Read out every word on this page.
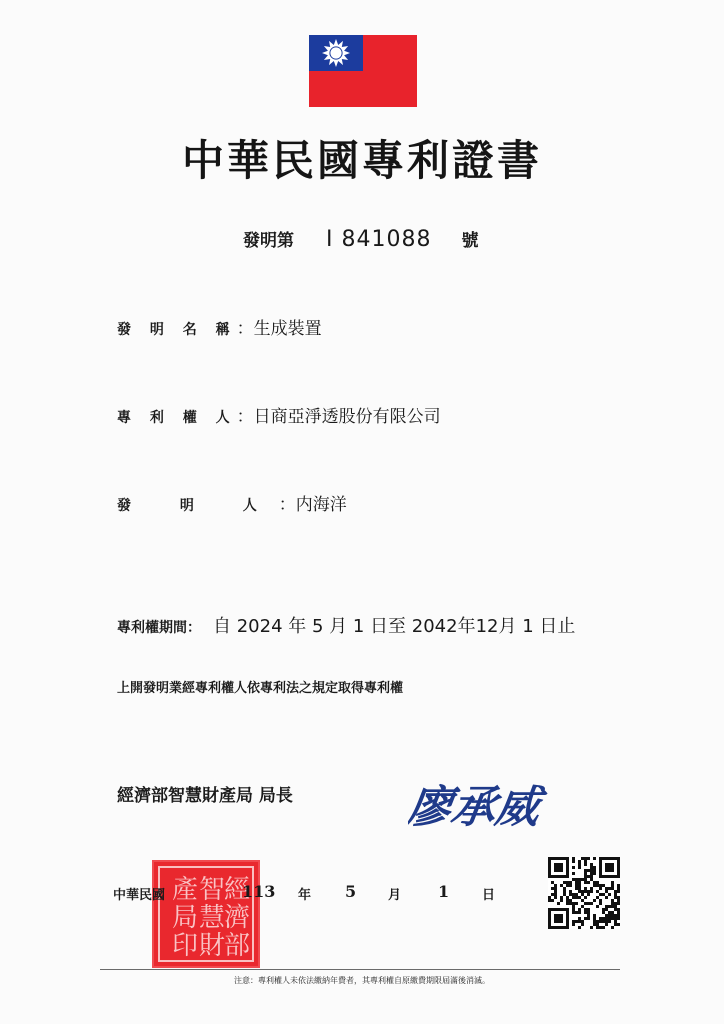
中華民國專利證書
發明第 I 841088 號
發 明 名 稱：生成裝置
專 利 權 人：日商亞淨透股份有限公司
發 明 人：内海洋
專利權期間： 自 2024 年 5 月 1 日至 2042年12月 1 日止
上開發明業經專利權人依專利法之規定取得專利權
經濟部智慧財產局 局長	廖承威
經
智
產
濟
慧
局
部
財
印
中華民國	113 年 5 月 1	日
注意：專利權人未依法繳納年費者，其專利權自原繳費期限屆滿後消滅。
